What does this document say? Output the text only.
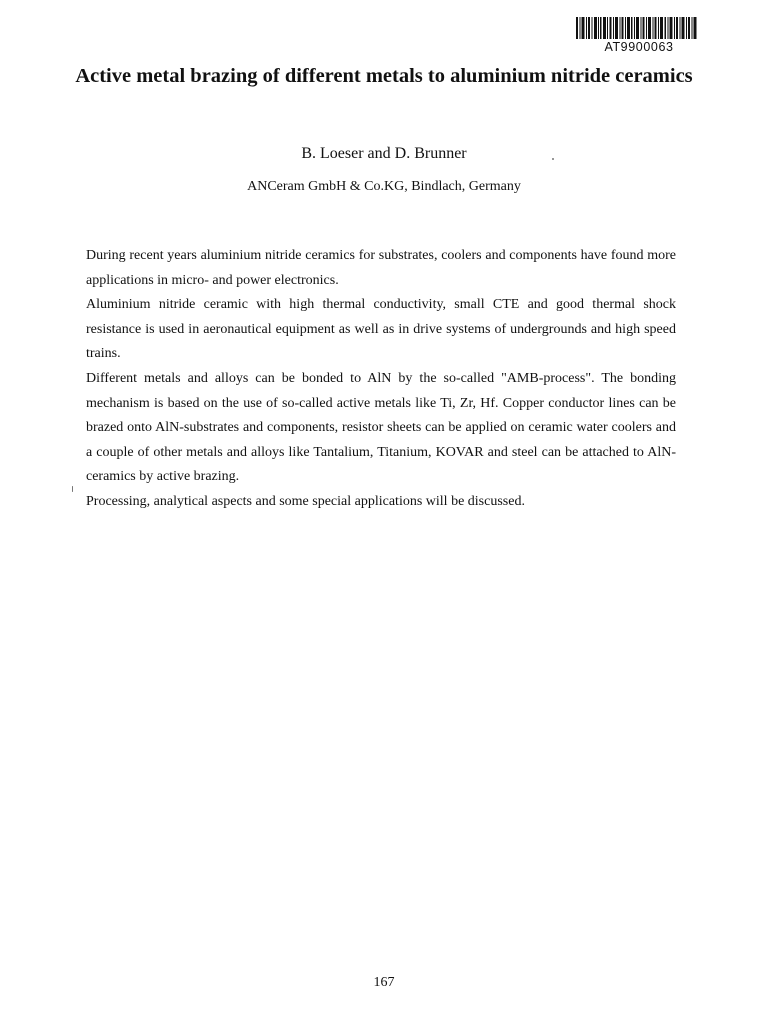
AT9900063
Active metal brazing of different metals to aluminium nitride ceramics
B. Loeser and D. Brunner
ANCeram GmbH & Co.KG, Bindlach, Germany

During recent years aluminium nitride ceramics for substrates, coolers and components have found more applications in micro- and power electronics.

Aluminium nitride ceramic with high thermal conductivity, small CTE and good thermal shock resistance is used in aeronautical equipment as well as in drive systems of undergrounds and high speed trains.

Different metals and alloys can be bonded to AlN by the so-called "AMB-process". The bonding mechanism is based on the use of so-called active metals like Ti, Zr, Hf. Copper conductor lines can be brazed onto AlN-substrates and components, resistor sheets can be applied on ceramic water coolers and a couple of other metals and alloys like Tantalium, Titanium, KOVAR and steel can be attached to AlN-ceramics by active brazing.

Processing, analytical aspects and some special applications will be discussed.

167
